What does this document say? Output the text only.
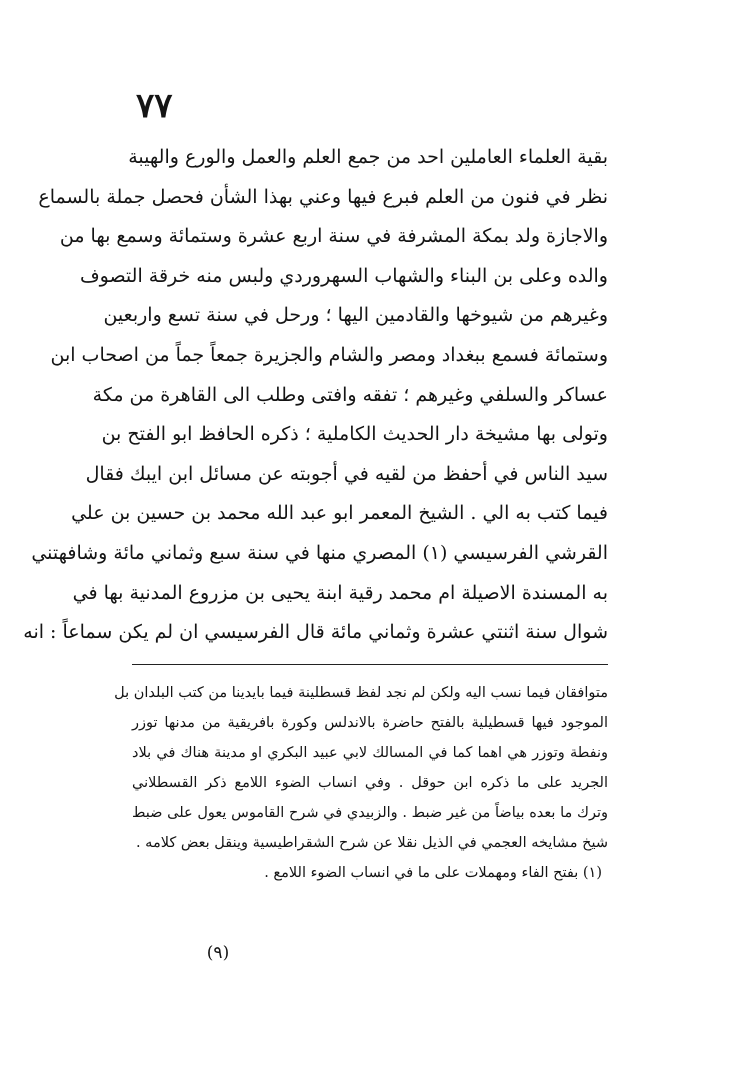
٧٧
بقية العلماء العاملين احد من جمع العلم والعمل والورع والهيبة
نظر في فنون من العلم فبرع فيها وعني بهذا الشأن فحصل جملة بالسماع
والاجازة ولد بمكة المشرفة في سنة اربع عشرة وستمائة وسمع بها من
والده وعلى بن البناء والشهاب السهروردي ولبس منه خرقة التصوف
وغيرهم من شيوخها والقادمين اليها ؛ ورحل في سنة تسع واربعين
وستمائة فسمع ببغداد ومصر والشام والجزيرة جمعاً جماً من اصحاب ابن
عساكر والسلفي وغيرهم ؛ تفقه وافتى وطلب الى القاهرة من مكة
وتولى بها مشيخة دار الحديث الكاملية ؛ ذكره الحافظ ابو الفتح بن
سيد الناس في أحفظ من لقيه في أجوبته عن مسائل ابن ايبك فقال
فيما كتب به الي . الشيخ المعمر ابو عبد الله محمد بن حسين بن علي
القرشي الفرسيسي (١) المصري منها في سنة سبع وثماني مائة وشافهتني
به المسندة الاصيلة ام محمد رقية ابنة يحيى بن مزروع المدنية بها في
شوال سنة اثنتي عشرة وثماني مائة قال الفرسيسي ان لم يكن سماعاً : انه
متوافقان فيما نسب اليه ولكن لم نجد لفظ قسطلينة فيما بايدينا من كتب البلدان بل
الموجود فيها قسطيلية بالفتح حاضرة بالاندلس وكورة بافريقية من مدنها توزر
ونفطة وتوزر هي اهما كما في المسالك لابي عبيد البكري او مدينة هناك في بلاد
الجريد على ما ذكره ابن حوقل . وفي انساب الضوء اللامع ذكر القسطلاني
وترك ما بعده بياضاً من غير ضبط . والزبيدي في شرح القاموس يعول على ضبط
شيخ مشايخه العجمي في الذيل نقلا عن شرح الشقراطيسية وينقل بعض كلامه .
(١) بفتح الفاء ومهملات على ما في انساب الضوء اللامع .
(٩)
